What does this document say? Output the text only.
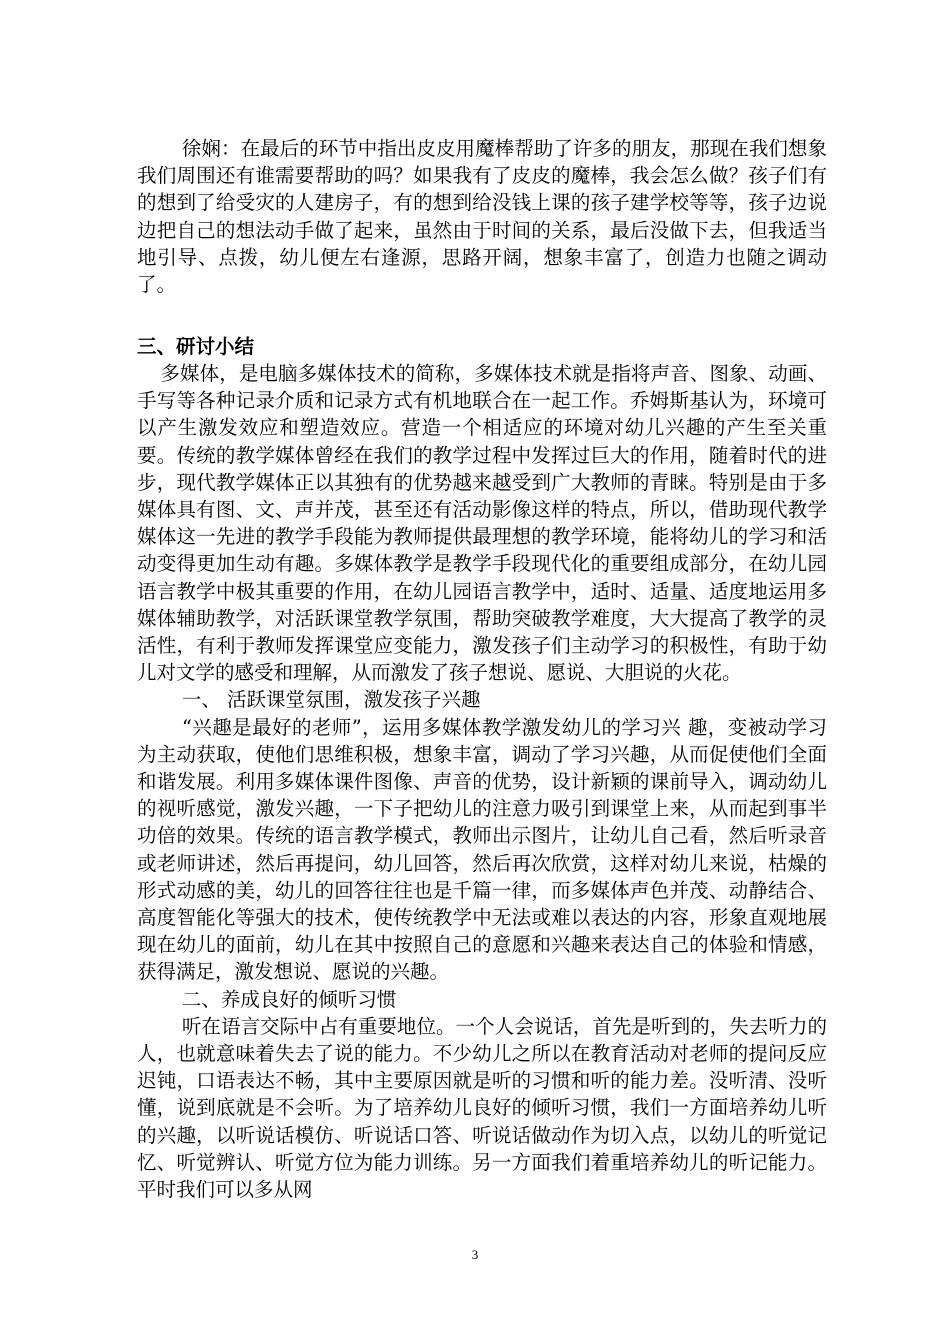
徐娴：在最后的环节中指出皮皮用魔棒帮助了许多的朋友，那现在我们想象我们周围还有谁需要帮助的吗？如果我有了皮皮的魔棒，我会怎么做？孩子们有的想到了给受灾的人建房子，有的想到给没钱上课的孩子建学校等等，孩子边说边把自己的想法动手做了起来，虽然由于时间的关系，最后没做下去，但我适当地引导、点拨，幼儿便左右逢源，思路开阔，想象丰富了，创造力也随之调动了。

三、研讨小结

多媒体，是电脑多媒体技术的简称，多媒体技术就是指将声音、图象、动画、手写等各种记录介质和记录方式有机地联合在一起工作。乔姆斯基认为，环境可以产生激发效应和塑造效应。营造一个相适应的环境对幼儿兴趣的产生至关重要。传统的教学媒体曾经在我们的教学过程中发挥过巨大的作用，随着时代的进步，现代教学媒体正以其独有的优势越来越受到广大教师的青睐。特别是由于多媒体具有图、文、声并茂，甚至还有活动影像这样的特点，所以，借助现代教学媒体这一先进的教学手段能为教师提供最理想的教学环境，能将幼儿的学习和活动变得更加生动有趣。多媒体教学是教学手段现代化的重要组成部分，在幼儿园语言教学中极其重要的作用，在幼儿园语言教学中，适时、适量、适度地运用多媒体辅助教学，对活跃课堂教学氛围，帮助突破教学难度，大大提高了教学的灵活性，有利于教师发挥课堂应变能力，激发孩子们主动学习的积极性，有助于幼儿对文学的感受和理解，从而激发了孩子想说、愿说、大胆说的火花。

一、 活跃课堂氛围，激发孩子兴趣

“兴趣是最好的老师”，运用多媒体教学激发幼儿的学习兴 趣，变被动学习为主动获取，使他们思维积极，想象丰富，调动了学习兴趣，从而促使他们全面和谐发展。利用多媒体课件图像、声音的优势，设计新颖的课前导入，调动幼儿的视听感觉，激发兴趣，一下子把幼儿的注意力吸引到课堂上来，从而起到事半功倍的效果。传统的语言教学模式，教师出示图片，让幼儿自己看，然后听录音或老师讲述，然后再提问，幼儿回答，然后再次欣赏，这样对幼儿来说，枯燥的形式动感的美，幼儿的回答往往也是千篇一律，而多媒体声色并茂、动静结合、高度智能化等强大的技术，使传统教学中无法或难以表达的内容，形象直观地展现在幼儿的面前，幼儿在其中按照自己的意愿和兴趣来表达自己的体验和情感，获得满足，激发想说、愿说的兴趣。

二、养成良好的倾听习惯

听在语言交际中占有重要地位。一个人会说话，首先是听到的，失去听力的人，也就意味着失去了说的能力。不少幼儿之所以在教育活动对老师的提问反应迟钝，口语表达不畅，其中主要原因就是听的习惯和听的能力差。没听清、没听懂，说到底就是不会听。为了培养幼儿良好的倾听习惯，我们一方面培养幼儿听的兴趣，以听说话模仿、听说话口答、听说话做动作为切入点，以幼儿的听觉记忆、听觉辨认、听觉方位为能力训练。另一方面我们着重培养幼儿的听记能力。平时我们可以多从网

3
